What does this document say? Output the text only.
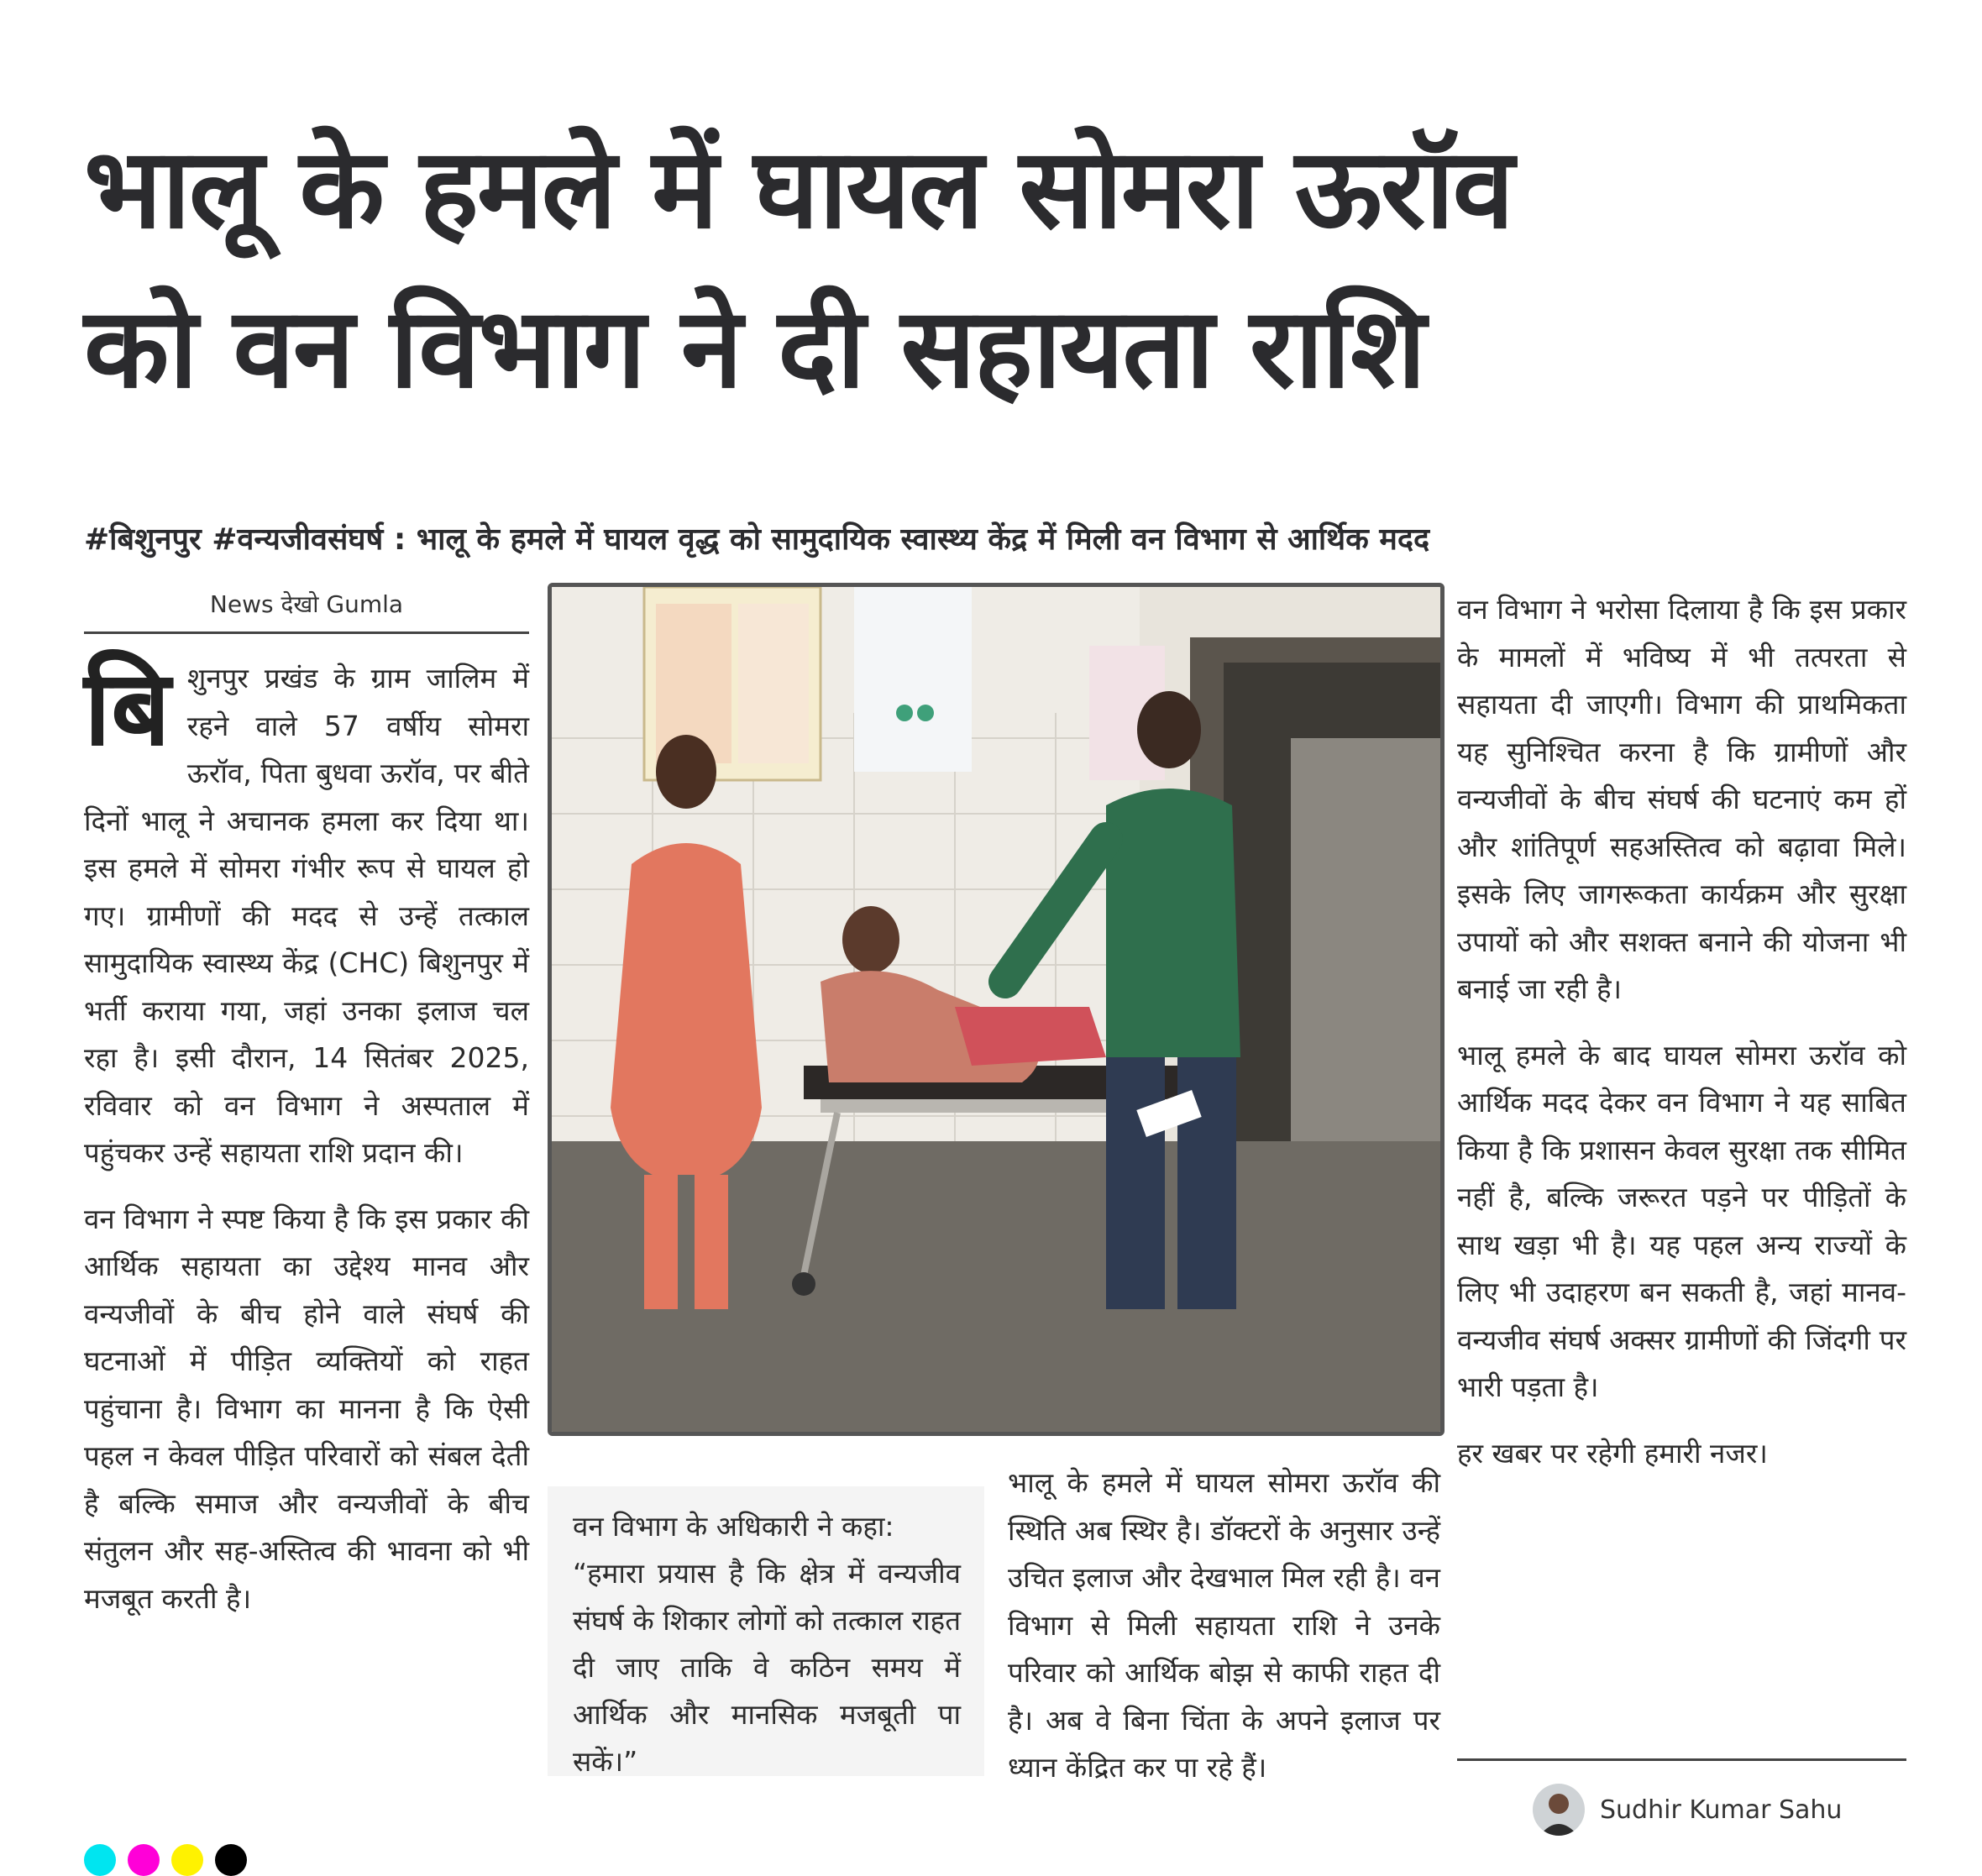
भालू के हमले में घायल सोमरा ऊरॉव
को वन विभाग ने दी सहायता राशि
#बिशुनपुर #वन्यजीवसंघर्ष : भालू के हमले में घायल वृद्ध को सामुदायिक स्वास्थ्य केंद्र में मिली वन विभाग से आर्थिक मदद
News देखो Gumla

बि शुनपुर प्रखंड के ग्राम जालिम में रहने वाले 57 वर्षीय सोमरा ऊरॉव, पिता बुधवा ऊरॉव, पर बीते दिनों भालू ने अचानक हमला कर दिया था। इस हमले में सोमरा गंभीर रूप से घायल हो गए। ग्रामीणों की मदद से उन्हें तत्काल सामुदायिक स्वास्थ्य केंद्र (CHC) बिशुनपुर में भर्ती कराया गया, जहां उनका इलाज चल रहा है। इसी दौरान, 14 सितंबर 2025, रविवार को वन विभाग ने अस्पताल में पहुंचकर उन्हें सहायता राशि प्रदान की।

वन विभाग ने स्पष्ट किया है कि इस प्रकार की आर्थिक सहायता का उद्देश्य मानव और वन्यजीवों के बीच होने वाले संघर्ष की घटनाओं में पीड़ित व्यक्तियों को राहत पहुंचाना है। विभाग का मानना है कि ऐसी पहल न केवल पीड़ित परिवारों को संबल देती है बल्कि समाज और वन्यजीवों के बीच संतुलन और सह-अस्तित्व की भावना को भी मजबूत करती है।

वन विभाग के अधिकारी ने कहा:

“हमारा प्रयास है कि क्षेत्र में वन्यजीव संघर्ष के शिकार लोगों को तत्काल राहत दी जाए ताकि वे कठिन समय में आर्थिक और मानसिक मजबूती पा सकें।”

भालू के हमले में घायल सोमरा ऊरॉव की स्थिति अब स्थिर है। डॉक्टरों के अनुसार उन्हें उचित इलाज और देखभाल मिल रही है। वन विभाग से मिली सहायता राशि ने उनके परिवार को आर्थिक बोझ से काफी राहत दी है। अब वे बिना चिंता के अपने इलाज पर ध्यान केंद्रित कर पा रहे हैं।

वन विभाग ने भरोसा दिलाया है कि इस प्रकार के मामलों में भविष्य में भी तत्परता से सहायता दी जाएगी। विभाग की प्राथमिकता यह सुनिश्चित करना है कि ग्रामीणों और वन्यजीवों के बीच संघर्ष की घटनाएं कम हों और शांतिपूर्ण सहअस्तित्व को बढ़ावा मिले। इसके लिए जागरूकता कार्यक्रम और सुरक्षा उपायों को और सशक्त बनाने की योजना भी बनाई जा रही है।

भालू हमले के बाद घायल सोमरा ऊरॉव को आर्थिक मदद देकर वन विभाग ने यह साबित किया है कि प्रशासन केवल सुरक्षा तक सीमित नहीं है, बल्कि जरूरत पड़ने पर पीड़ितों के साथ खड़ा भी है। यह पहल अन्य राज्यों के लिए भी उदाहरण बन सकती है, जहां मानव-वन्यजीव संघर्ष अक्सर ग्रामीणों की जिंदगी पर भारी पड़ता है।

हर खबर पर रहेगी हमारी नजर।

Sudhir Kumar Sahu
